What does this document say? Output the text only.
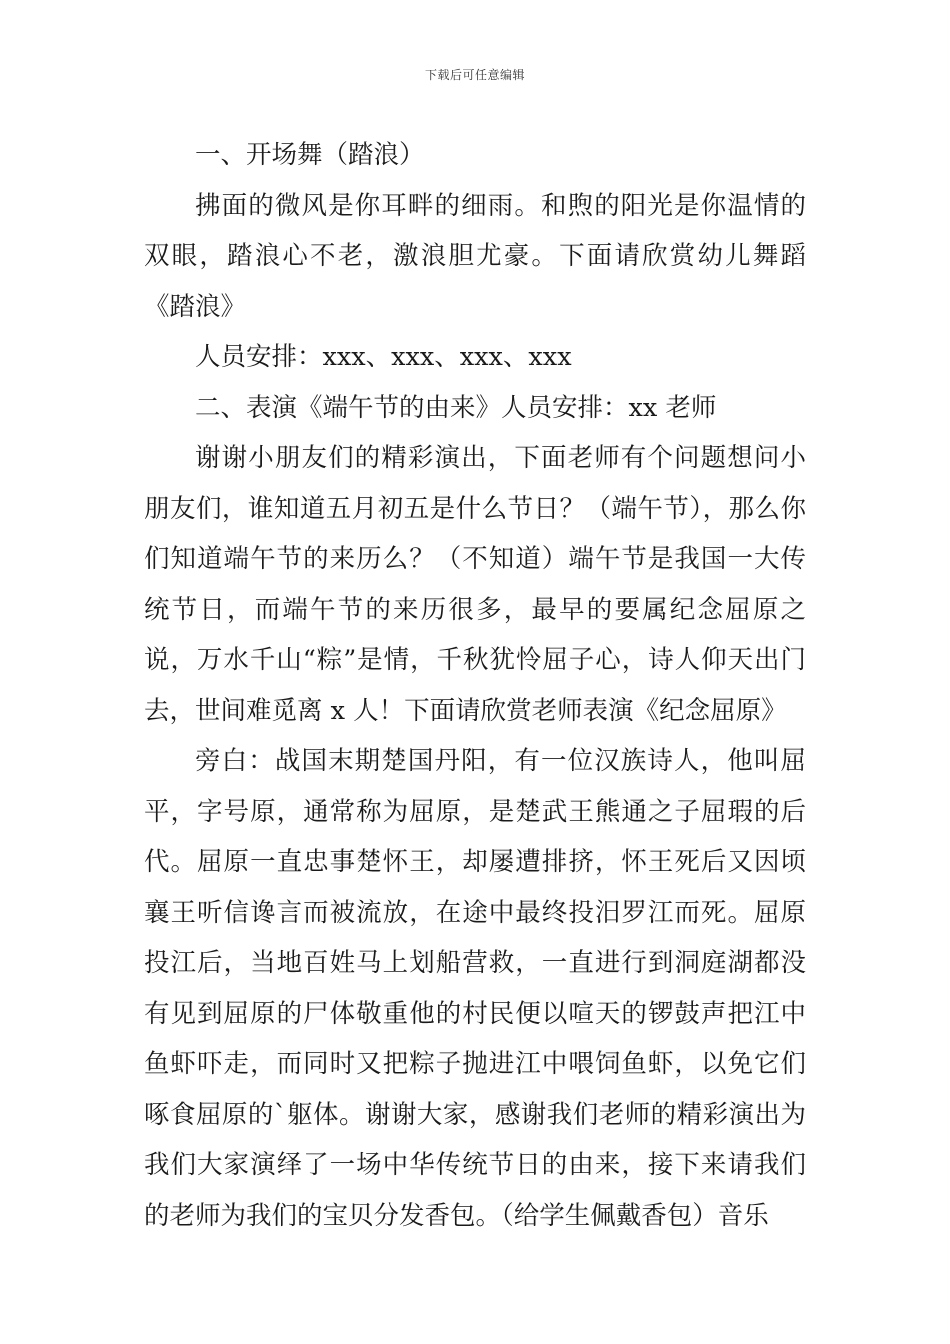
下载后可任意编辑

一、开场舞（踏浪）

拂面的微风是你耳畔的细雨。和煦的阳光是你温情的双眼，踏浪心不老，激浪胆尤豪。下面请欣赏幼儿舞蹈《踏浪》

人员安排：xxx、xxx、xxx、xxx

二、表演《端午节的由来》人员安排：xx 老师

谢谢小朋友们的精彩演出，下面老师有个问题想问小朋友们，谁知道五月初五是什么节日？（端午节），那么你们知道端午节的来历么？（不知道）端午节是我国一大传统节日，而端午节的来历很多，最早的要属纪念屈原之说，万水千山“粽”是情，千秋犹怜屈子心，诗人仰天出门去，世间难觅离 x 人！下面请欣赏老师表演《纪念屈原》

旁白：战国末期楚国丹阳，有一位汉族诗人，他叫屈平，字号原，通常称为屈原，是楚武王熊通之子屈瑕的后代。屈原一直忠事楚怀王，却屡遭排挤，怀王死后又因顷襄王听信谗言而被流放，在途中最终投汨罗江而死。屈原投江后，当地百姓马上划船营救，一直进行到洞庭湖都没有见到屈原的尸体敬重他的村民便以喧天的锣鼓声把江中鱼虾吓走，而同时又把粽子抛进江中喂饲鱼虾，以免它们啄食屈原的`躯体。谢谢大家，感谢我们老师的精彩演出为我们大家演绎了一场中华传统节日的由来，接下来请我们的老师为我们的宝贝分发香包。（给学生佩戴香包）音乐
